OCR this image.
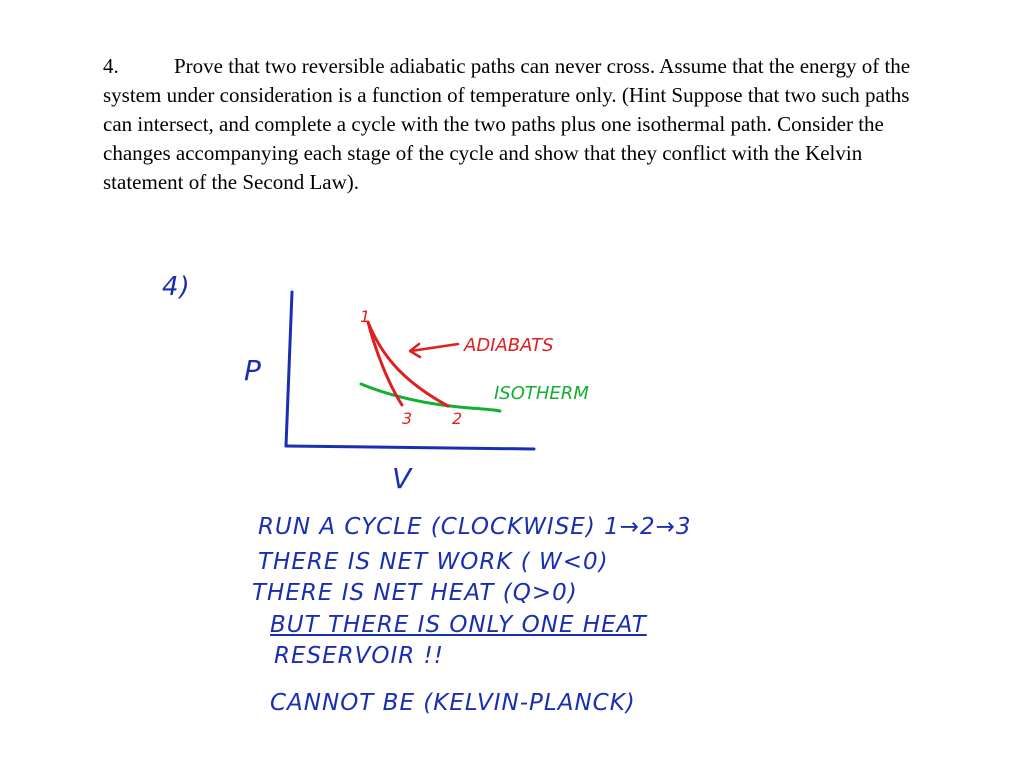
4.	Prove that two reversible adiabatic paths can never cross. Assume that the energy of the system under consideration is a function of temperature only. (Hint Suppose that two such paths can intersect, and complete a cycle with the two paths plus one isothermal path. Consider the changes accompanying each stage of the cycle and show that they conflict with the Kelvin statement of the Second Law).
4)
P
V
1
2
3
ADIABATS
ISOTHERM
RUN A CYCLE (CLOCKWISE) 1→2→3
THERE IS NET WORK ( W<0)
THERE IS NET HEAT (Q>0)
BUT THERE IS ONLY ONE HEAT
RESERVOIR !!
CANNOT BE (KELVIN-PLANCK)
